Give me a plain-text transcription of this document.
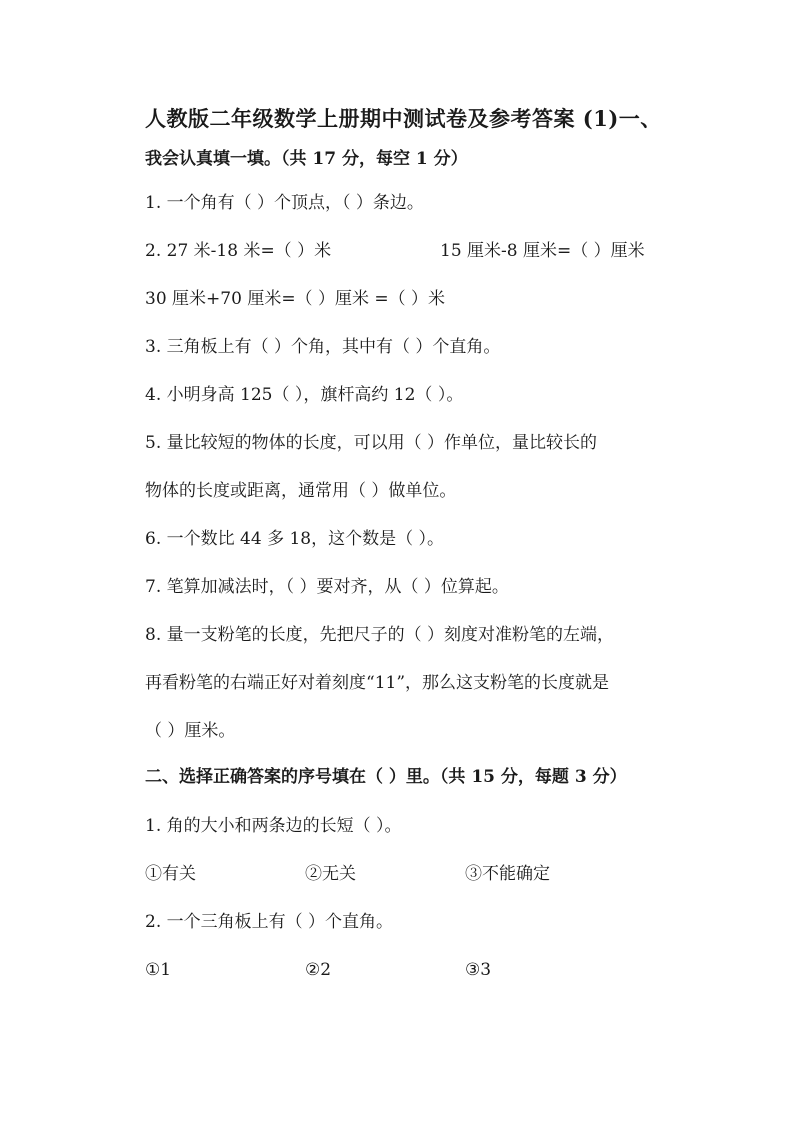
人教版二年级数学上册期中测试卷及参考答案 (1)一、
我会认真填一填。（共 17 分，每空 1 分）
1. 一个角有（ ）个顶点，（ ）条边。
2. 27 米-18 米=（ ）米	15 厘米-8 厘米=（ ）厘米
30 厘米+70 厘米=（ ）厘米 =（ ）米
3. 三角板上有（ ）个角，其中有（ ）个直角。
4. 小明身高 125（ ），旗杆高约 12（ ）。
5. 量比较短的物体的长度，可以用（ ）作单位，量比较长的
物体的长度或距离，通常用（ ）做单位。
6. 一个数比 44 多 18，这个数是（ ）。
7. 笔算加减法时，（ ）要对齐，从（ ）位算起。
8. 量一支粉笔的长度，先把尺子的（ ）刻度对准粉笔的左端，
再看粉笔的右端正好对着刻度“11”，那么这支粉笔的长度就是
（ ）厘米。
二、选择正确答案的序号填在（ ）里。（共 15 分，每题 3 分）
1. 角的大小和两条边的长短（ ）。
①有关	②无关	③不能确定
2. 一个三角板上有（ ）个直角。
①1	②2	③3
